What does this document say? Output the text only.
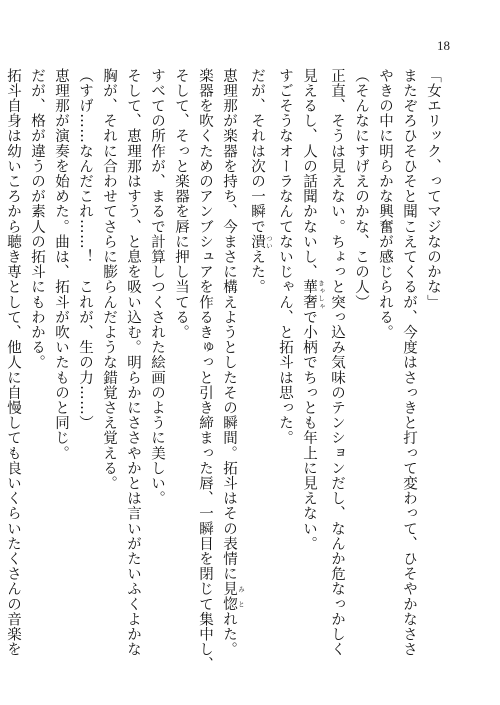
18
「女エリック、ってマジなのかな」
またぞろひそひそと聞こえてくるが、今度はさっきと打って変わって、ひそやかなささ
やきの中に明らかな興奮が感じられる。
（そんなにすげえのかな、この人）
正直、そうは見えない。ちょっと突っ込み気味のテンションだし、なんか危なっかしく
見えるし、人の話聞かないし、華奢 きゃしゃで小柄でちっとも年上に見えない。
すごそうなオーラなんてないじゃん、と拓斗は思った。
だが、それは次の一瞬で潰 ついえた。
恵理那が楽器を持ち、今まさに構えようとしたその瞬間。拓斗はその表情に見惚 みとれた。
楽器を吹くためのアンブシュアを作るきゅっと引き締まった唇、一瞬目を閉じて集中し、
そして、そっと楽器を唇に押し当てる。
すべての所作が、まるで計算しつくされた絵画のように美しい。
そして、恵理那はすう、と息を吸い込む。明らかにささやかとは言いがたいふくよかな
胸が、それに合わせてさらに膨らんだような錯覚さえ覚える。
（すげ……なんだこれ……！　これが、生の力……）
恵理那が演奏を始めた。曲は、拓斗が吹いたものと同じ。
だが、格が違うのが素人の拓斗にもわかる。
拓斗自身は幼いころから聴き専として、他人に自慢しても良いくらいたくさんの音楽を
